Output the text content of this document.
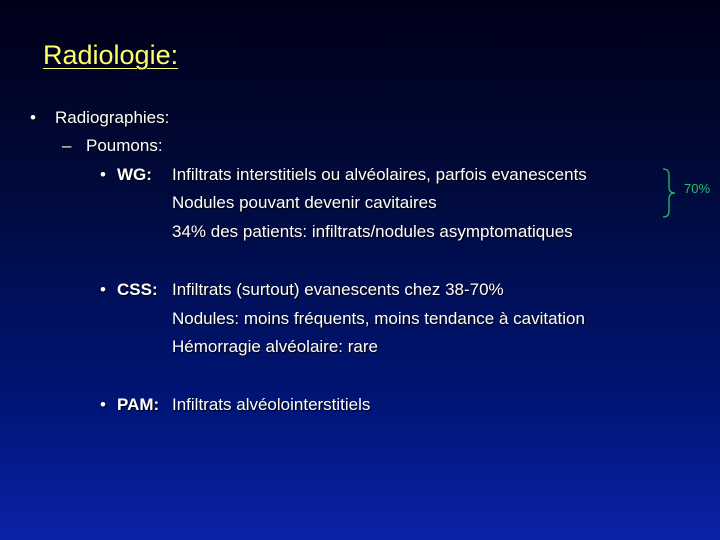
Radiologie:
• Radiographies:
– Poumons:
• WG: Infiltrats interstitiels ou alvéolaires, parfois evanescents
Nodules pouvant devenir cavitaires
34% des patients: infiltrats/nodules asymptomatiques
70%
• CSS: Infiltrats (surtout) evanescents chez 38-70%
Nodules: moins fréquents, moins tendance à cavitation
Hémorragie alvéolaire: rare
• PAM: Infiltrats alvéolointerstitiels
